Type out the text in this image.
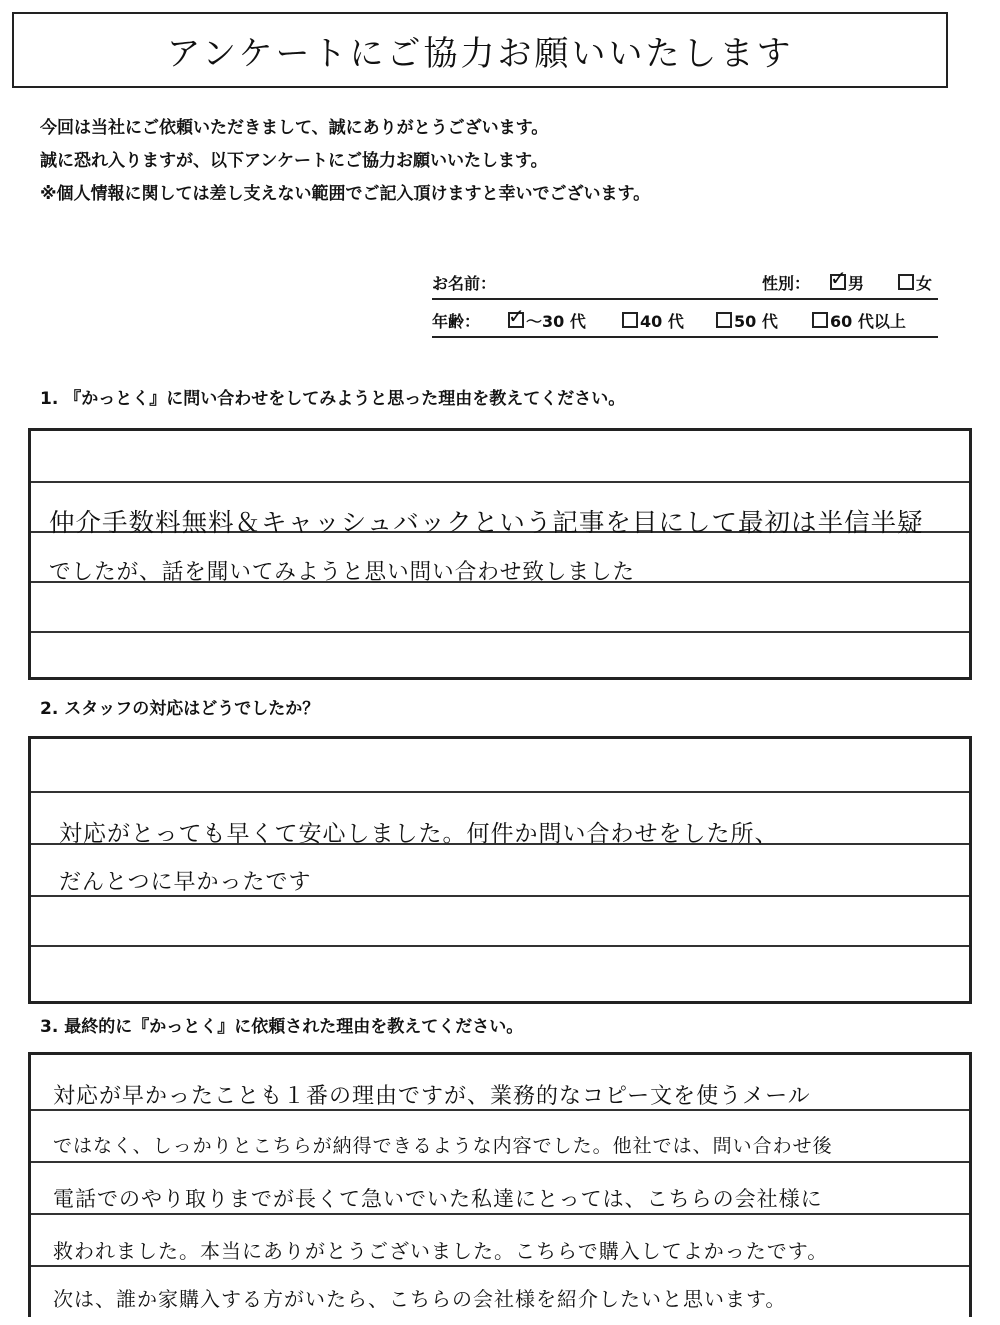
アンケートにご協力お願いいたします
今回は当社にご依頼いただきまして、誠にありがとうございます。
誠に恐れ入りますが、以下アンケートにご協力お願いいたします。
※個人情報に関しては差し支えない範囲でご記入頂けますと幸いでございます。
お名前：	性別： ✓	男	女
年齢： ✓	～30 代	40 代	50 代	60 代以上
1. 『かっとく』に問い合わせをしてみようと思った理由を教えてください。
仲介手数料無料＆キャッシュバックという記事を目にして最初は半信半疑
でしたが、話を聞いてみようと思い問い合わせ致しました
2. スタッフの対応はどうでしたか？
対応がとっても早くて安心しました。何件か問い合わせをした所、
だんとつに早かったです
3. 最終的に『かっとく』に依頼された理由を教えてください。
対応が早かったことも１番の理由ですが、業務的なコピー文を使うメール
ではなく、しっかりとこちらが納得できるような内容でした。他社では、問い合わせ後
電話でのやり取りまでが長くて急いでいた私達にとっては、こちらの会社様に
救われました。本当にありがとうございました。こちらで購入してよかったです。
次は、誰か家購入する方がいたら、こちらの会社様を紹介したいと思います。
